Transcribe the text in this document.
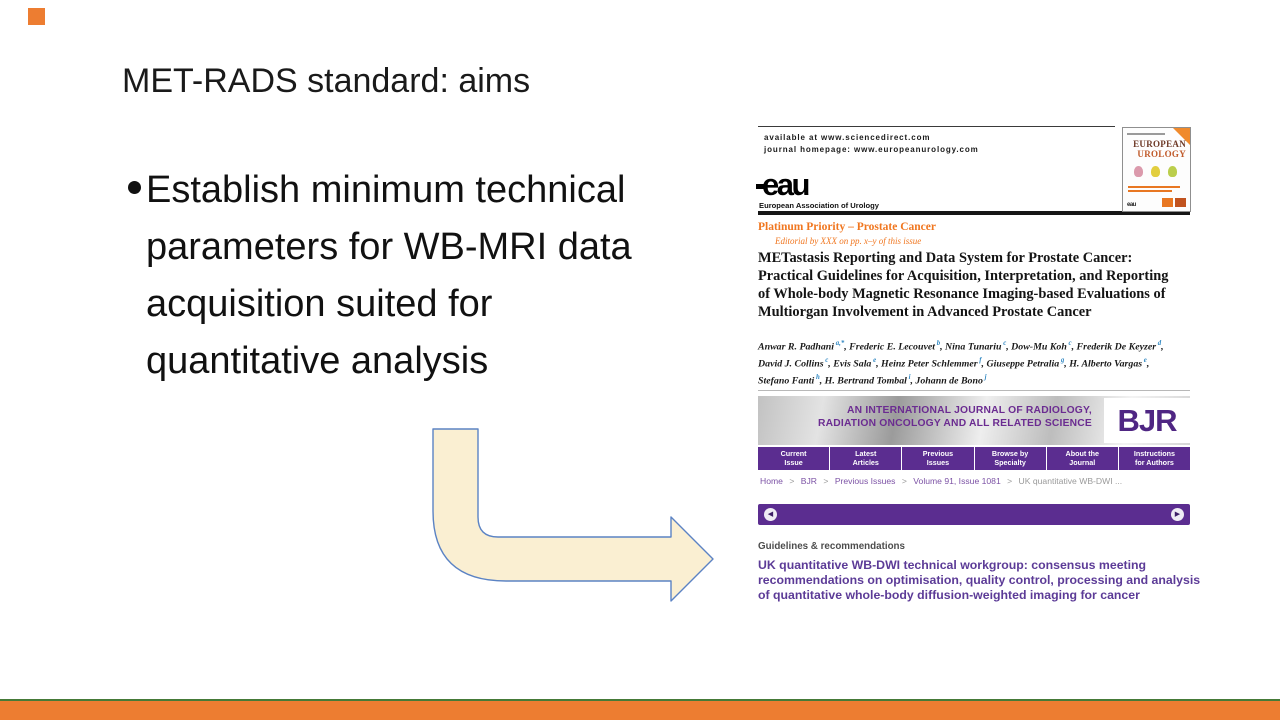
MET-RADS standard: aims
Establish minimum technical
parameters for WB-MRI data
acquisition suited for
quantitative analysis
available at www.sciencedirect.com
journal homepage: www.europeanurology.com
eau
European Association of Urology
EUROPEAN
UROLOGY
eau
Platinum Priority – Prostate Cancer
Editorial by XXX on pp. x–y of this issue
METastasis Reporting and Data System for Prostate Cancer:
Practical Guidelines for Acquisition, Interpretation, and Reporting
of Whole-body Magnetic Resonance Imaging-based Evaluations of
Multiorgan Involvement in Advanced Prostate Cancer
Anwar R. Padhani $^{a,*}$, Frederic E. Lecouvet $^b$, Nina Tunariu $^c$, Dow-Mu Koh $^c$, Frederik De Keyzer $^d$,
David J. Collins $^c$, Evis Sala $^e$, Heinz Peter Schlemmer $^f$, Giuseppe Petralia $^g$, H. Alberto Vargas $^e$,
Stefano Fanti $^h$, H. Bertrand Tombal $^i$, Johann de Bono $^j$
AN INTERNATIONAL JOURNAL OF RADIOLOGY,
RADIATION ONCOLOGY AND ALL RELATED SCIENCE BJR
Current
Issue
Latest
Articles
Previous
Issues
Browse by
Specialty
About the
Journal
Instructions
for Authors
Home > BJR > Previous Issues > Volume 91, Issue 1081 > UK quantitative WB-DWI ...
◀	▶
Guidelines & recommendations
UK quantitative WB-DWI technical workgroup: consensus meeting
recommendations on optimisation, quality control, processing and analysis
of quantitative whole-body diffusion-weighted imaging for cancer
